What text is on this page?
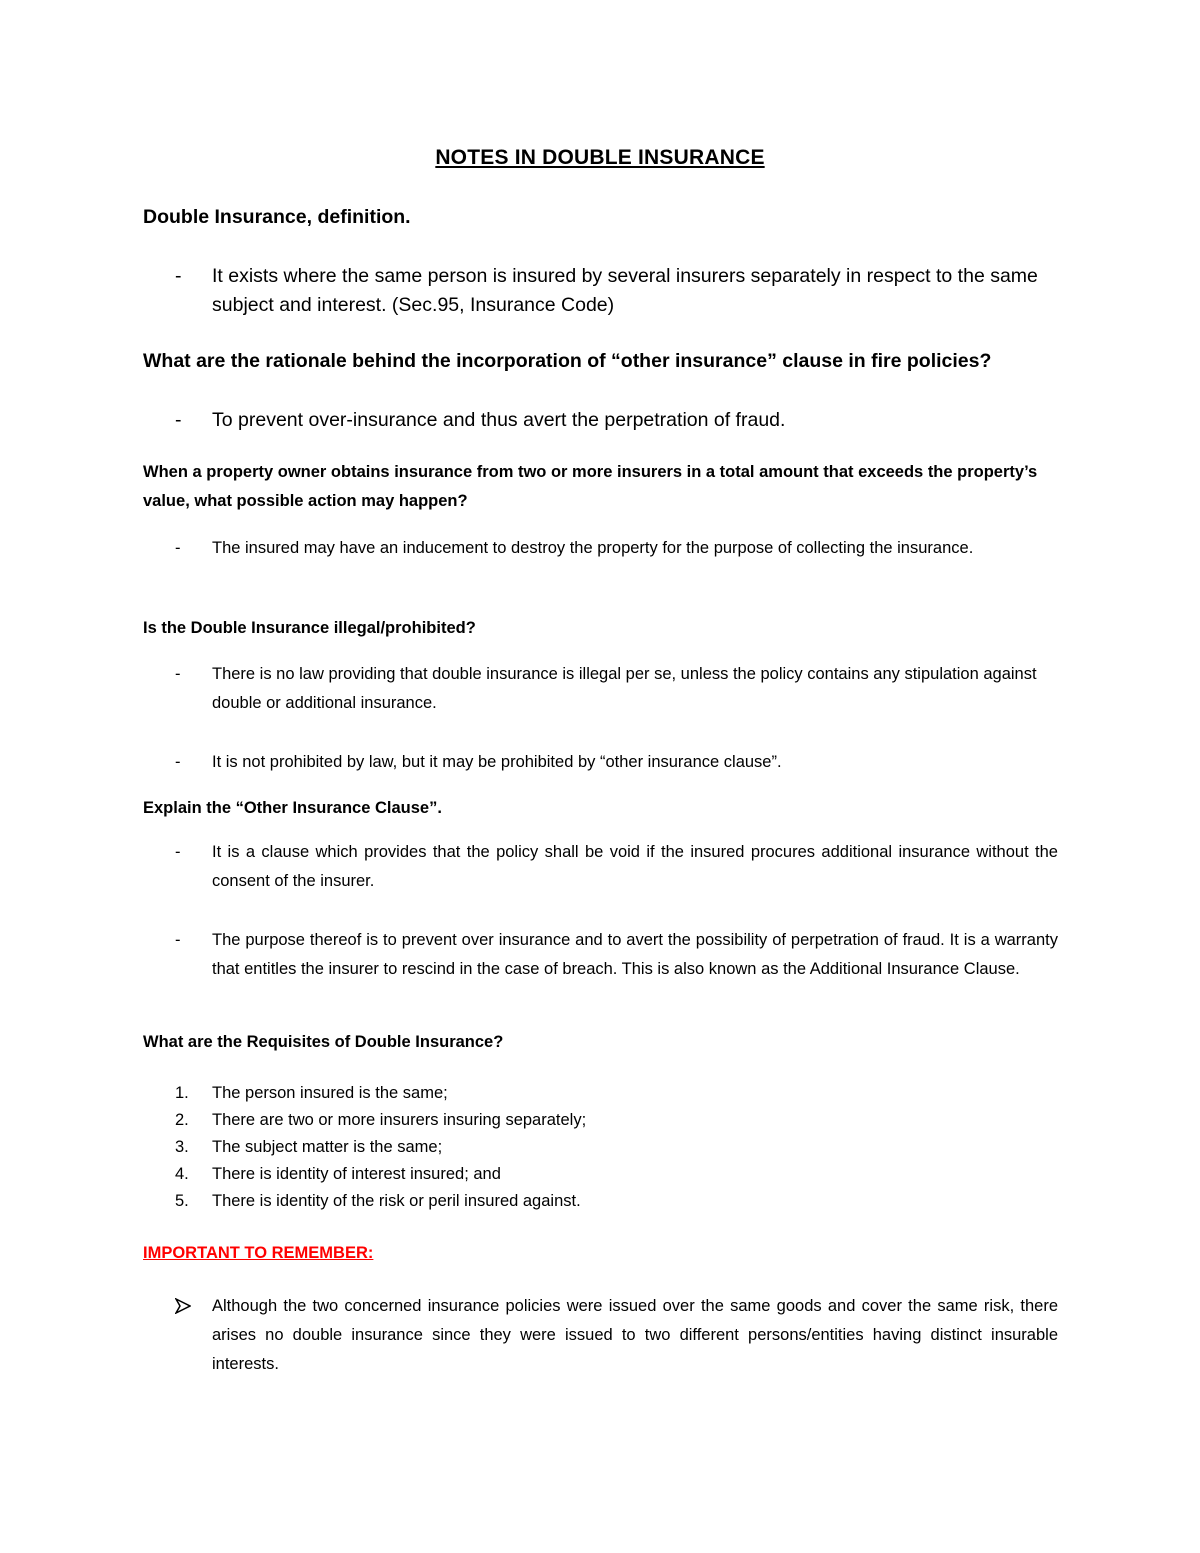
NOTES IN DOUBLE INSURANCE

Double Insurance, definition.

-	It exists where the same person is insured by several insurers separately in respect to the same subject and interest. (Sec.95, Insurance Code)

What are the rationale behind the incorporation of “other insurance” clause in fire policies?

-	To prevent over-insurance and thus avert the perpetration of fraud.

When a property owner obtains insurance from two or more insurers in a total amount that exceeds the property’s value, what possible action may happen?

-	The insured may have an inducement to destroy the property for the purpose of collecting the insurance.

Is the Double Insurance illegal/prohibited?

-	There is no law providing that double insurance is illegal per se, unless the policy contains any stipulation against double or additional insurance.
-	It is not prohibited by law, but it may be prohibited by “other insurance clause”.

Explain the “Other Insurance Clause”.

-	It is a clause which provides that the policy shall be void if the insured procures additional insurance without the consent of the insurer.
-	The purpose thereof is to prevent over insurance and to avert the possibility of perpetration of fraud. It is a warranty that entitles the insurer to rescind in the case of breach. This is also known as the Additional Insurance Clause.

What are the Requisites of Double Insurance?

1. The person insured is the same;
2. There are two or more insurers insuring separately;
3. The subject matter is the same;
4. There is identity of interest insured; and
5. There is identity of the risk or peril insured against.

IMPORTANT TO REMEMBER:

Although the two concerned insurance policies were issued over the same goods and cover the same risk, there arises no double insurance since they were issued to two different persons/entities having distinct insurable interests.
